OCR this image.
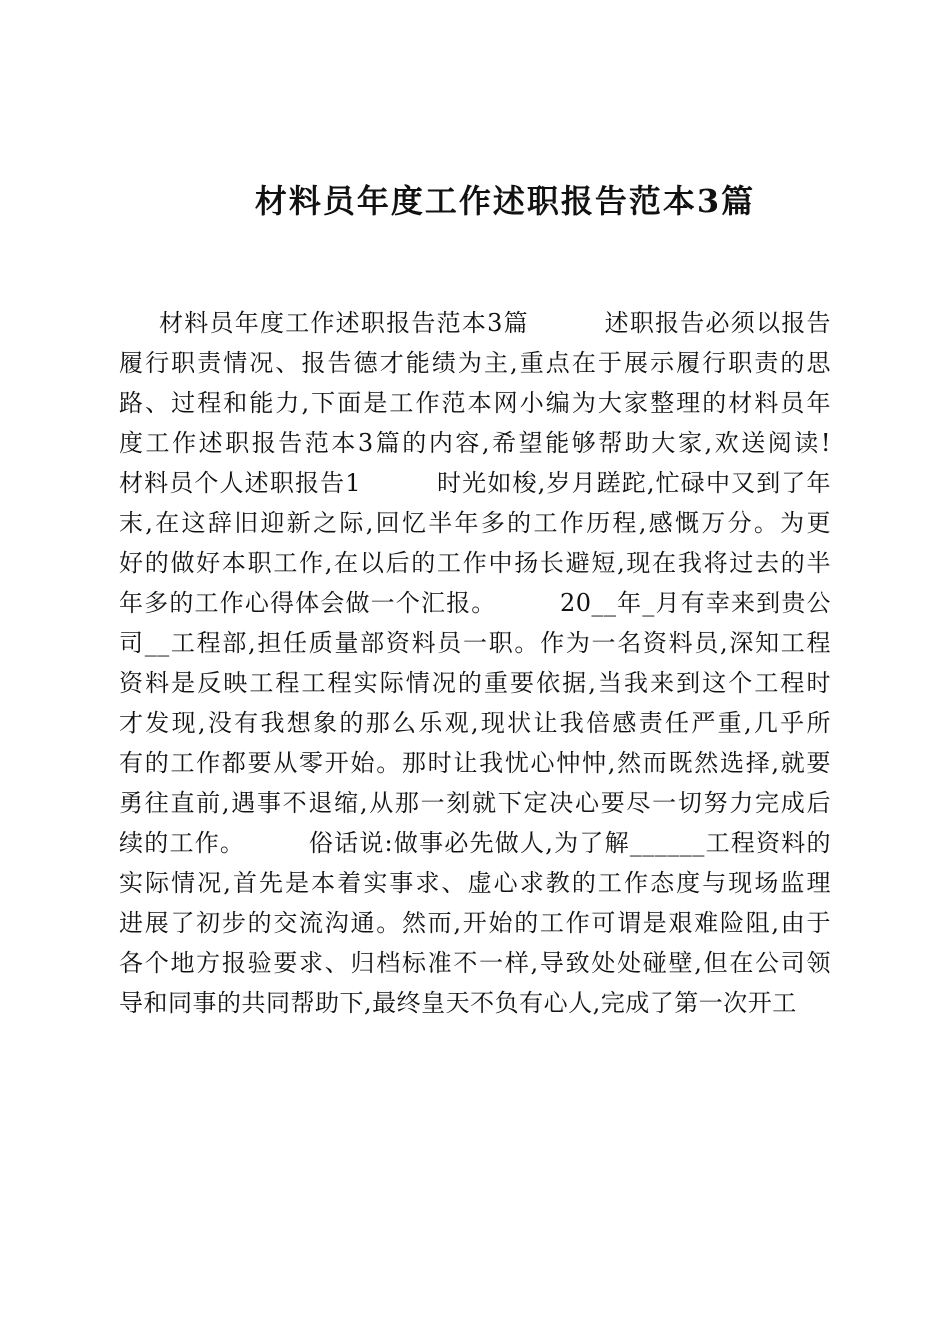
材料员年度工作述职报告范本3篇
材料员年度工作述职报告范本3篇　　　述职报告必须以报告
履行职责情况、报告德才能绩为主,重点在于展示履行职责的思
路、过程和能力,下面是工作范本网小编为大家整理的材料员年
度工作述职报告范本3篇的内容,希望能够帮助大家,欢送阅读!
材料员个人述职报告1　　　时光如梭,岁月蹉跎,忙碌中又到了年
末,在这辞旧迎新之际,回忆半年多的工作历程,感慨万分。为更
好的做好本职工作,在以后的工作中扬长避短,现在我将过去的半
年多的工作心得体会做一个汇报。　　　20__年_月有幸来到贵公
司__工程部,担任质量部资料员一职。作为一名资料员,深知工程
资料是反映工程工程实际情况的重要依据,当我来到这个工程时
才发现,没有我想象的那么乐观,现状让我倍感责任严重,几乎所
有的工作都要从零开始。那时让我忧心忡忡,然而既然选择,就要
勇往直前,遇事不退缩,从那一刻就下定决心要尽一切努力完成后
续的工作。　　　俗话说:做事必先做人,为了解______工程资料的
实际情况,首先是本着实事求、虚心求教的工作态度与现场监理
进展了初步的交流沟通。然而,开始的工作可谓是艰难险阻,由于
各个地方报验要求、归档标准不一样,导致处处碰壁,但在公司领
导和同事的共同帮助下,最终皇天不负有心人,完成了第一次开工
